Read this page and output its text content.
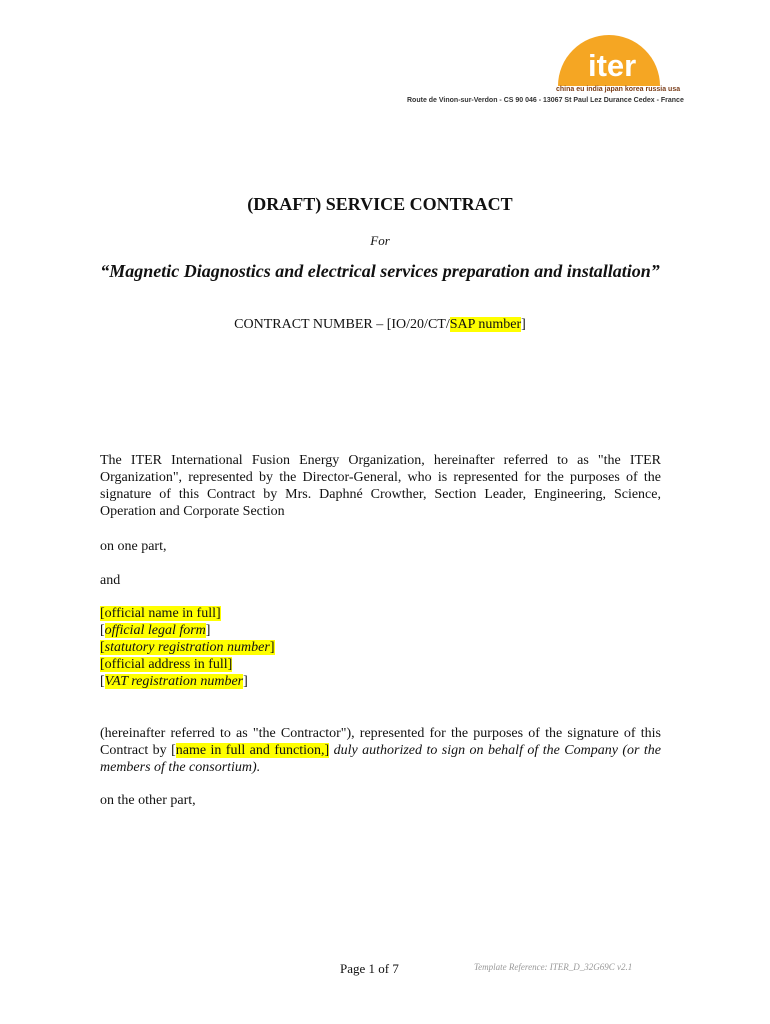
iter
china eu india japan korea russia usa
Route de Vinon-sur-Verdon - CS 90 046 - 13067 St Paul Lez Durance Cedex - France
(DRAFT) SERVICE CONTRACT
For
“Magnetic Diagnostics and electrical services preparation and installation”
CONTRACT NUMBER – [IO/20/CT/SAP number]

The ITER International Fusion Energy Organization, hereinafter referred to as "the ITER Organization", represented by the Director-General, who is represented for the purposes of the signature of this Contract by Mrs. Daphné Crowther, Section Leader, Engineering, Science, Operation and Corporate Section

on one part,
and
[official name in full]
[official legal form]
[statutory registration number]
[official address in full]
[VAT registration number]

(hereinafter referred to as "the Contractor"), represented for the purposes of the signature of this Contract by [name in full and function,] duly authorized to sign on behalf of the Company (or the members of the consortium).

on the other part,
Page 1 of 7	Template Reference: ITER_D_32G69C v2.1
